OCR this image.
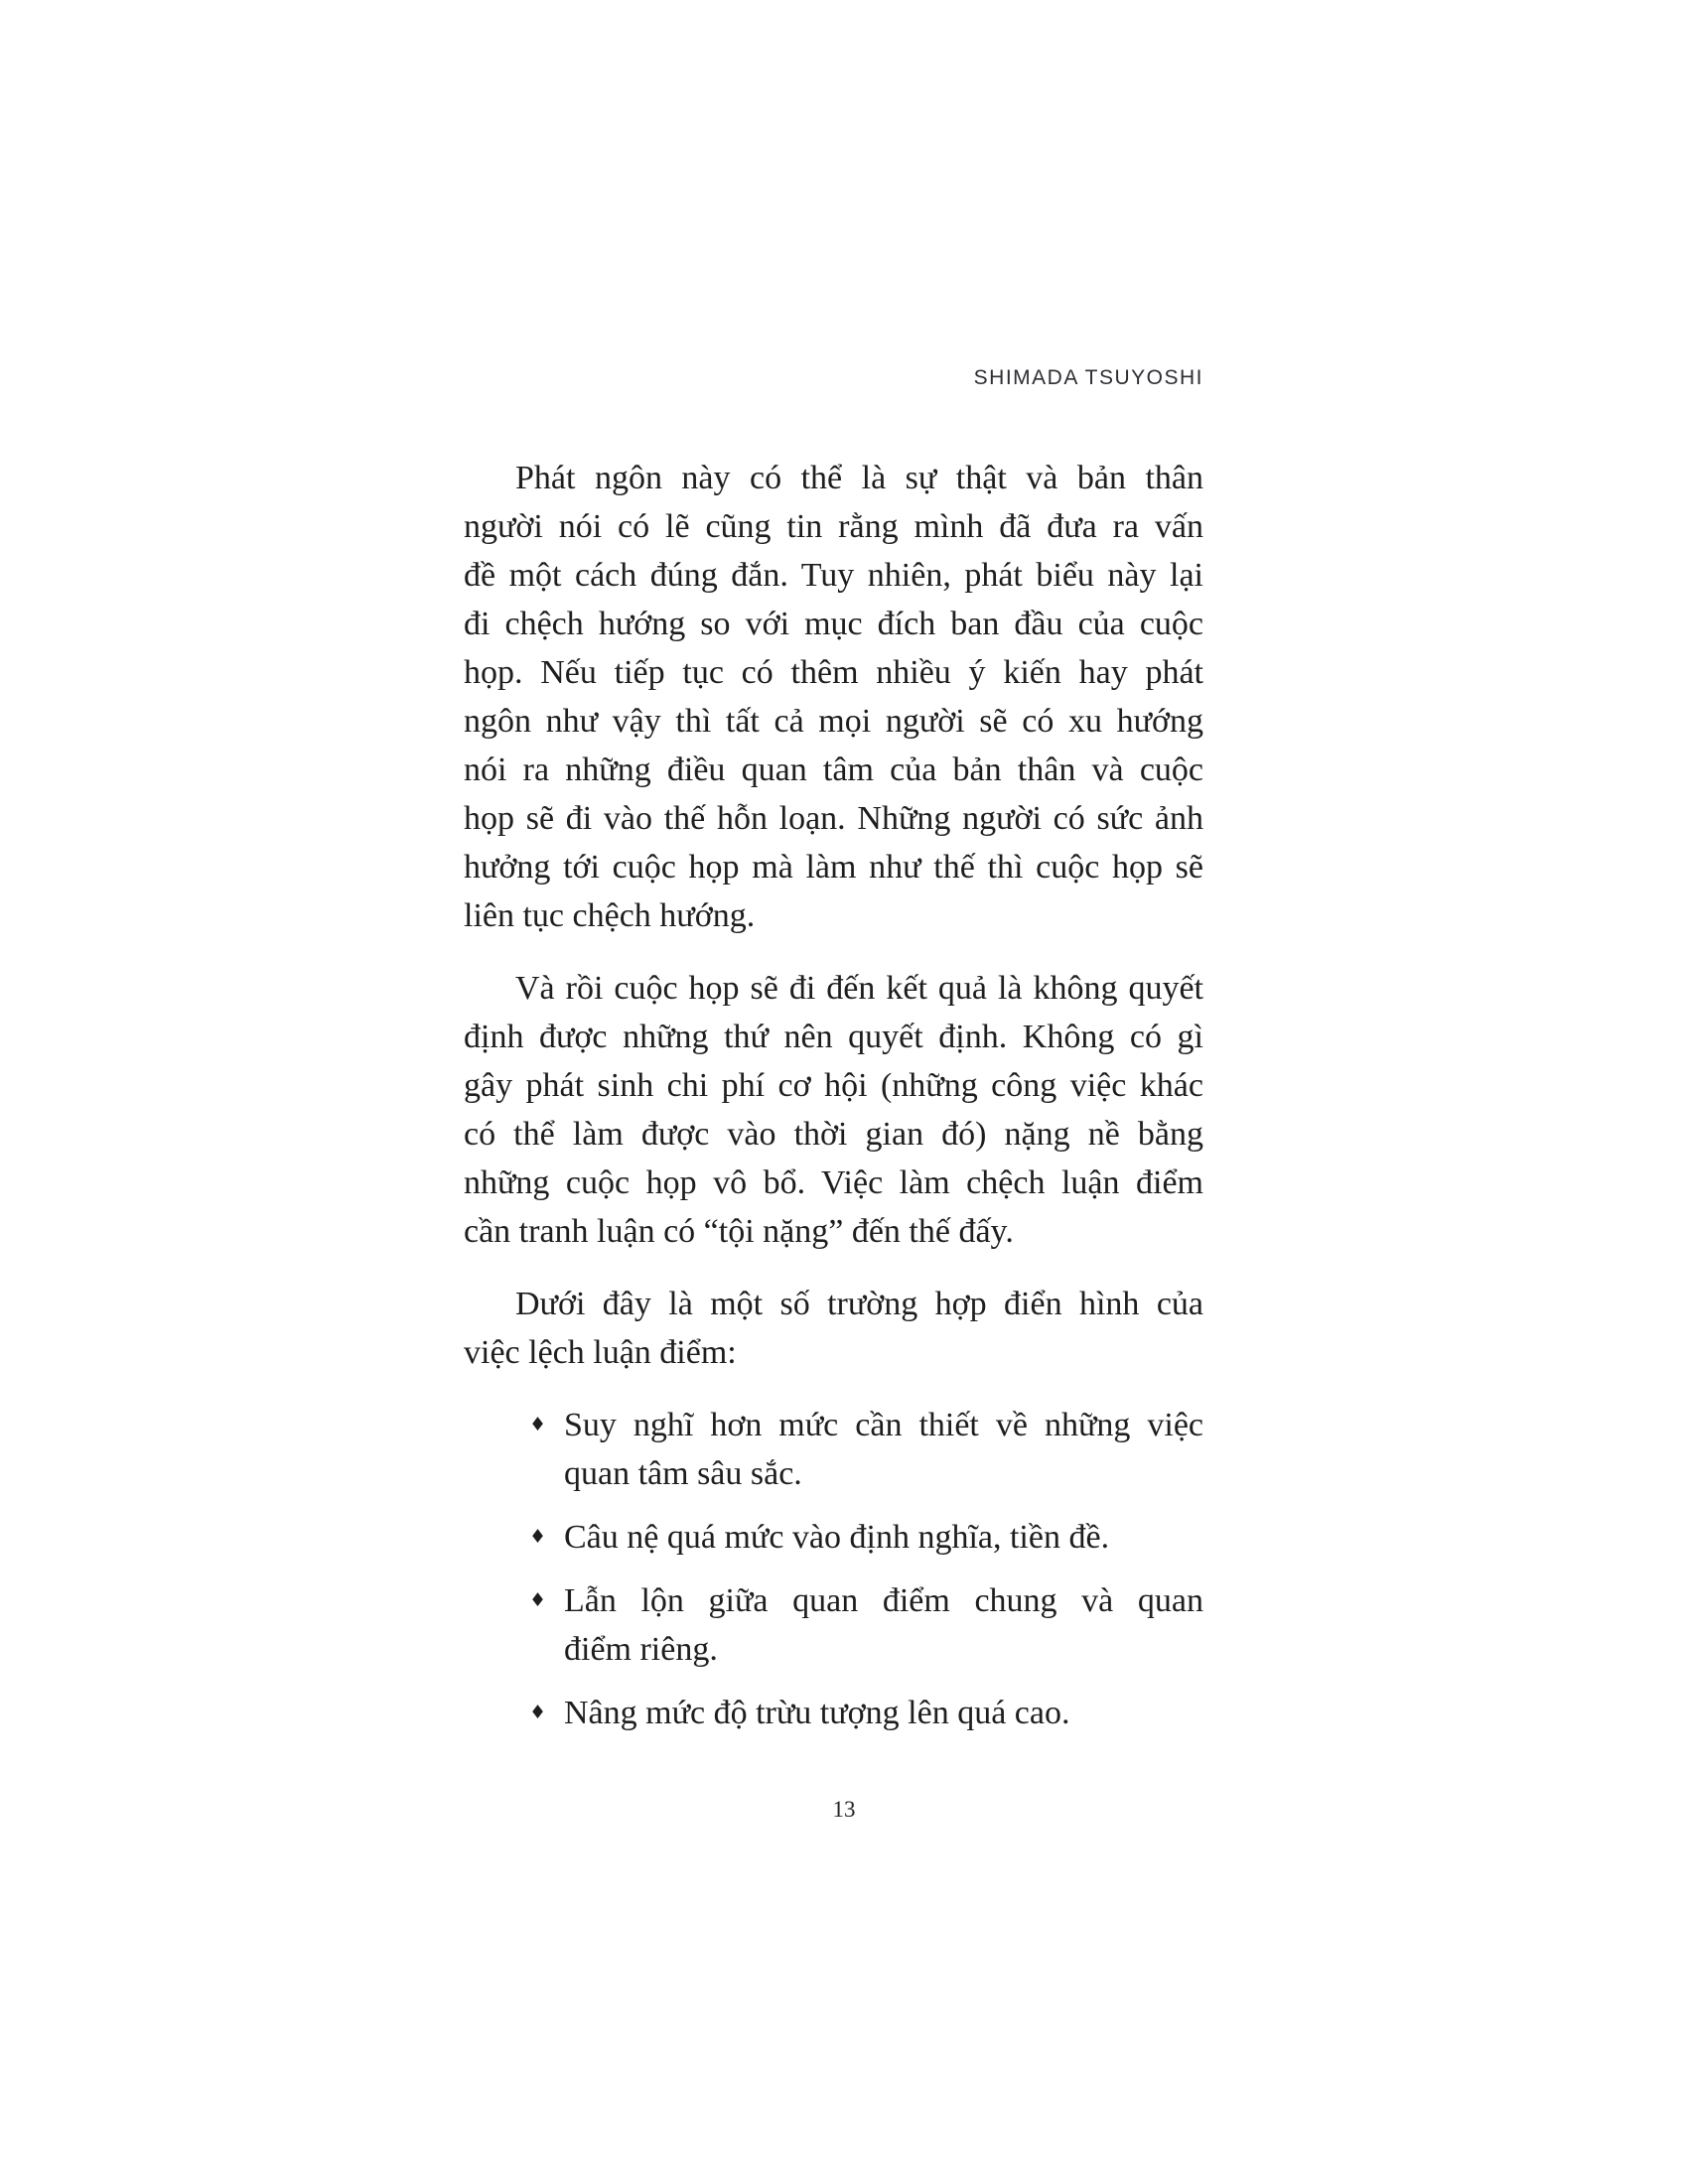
SHIMADA TSUYOSHI

Phát ngôn này có thể là sự thật và bản thân
người nói có lẽ cũng tin rằng mình đã đưa ra vấn
đề một cách đúng đắn. Tuy nhiên, phát biểu này lại
đi chệch hướng so với mục đích ban đầu của cuộc
họp. Nếu tiếp tục có thêm nhiều ý kiến hay phát
ngôn như vậy thì tất cả mọi người sẽ có xu hướng
nói ra những điều quan tâm của bản thân và cuộc
họp sẽ đi vào thế hỗn loạn. Những người có sức ảnh
hưởng tới cuộc họp mà làm như thế thì cuộc họp sẽ
liên tục chệch hướng.

Và rồi cuộc họp sẽ đi đến kết quả là không quyết
định được những thứ nên quyết định. Không có gì
gây phát sinh chi phí cơ hội (những công việc khác
có thể làm được vào thời gian đó) nặng nề bằng
những cuộc họp vô bổ. Việc làm chệch luận điểm
cần tranh luận có “tội nặng” đến thế đấy.

Dưới đây là một số trường hợp điển hình của
việc lệch luận điểm:

♦ Suy nghĩ hơn mức cần thiết về những việc
quan tâm sâu sắc.
♦ Câu nệ quá mức vào định nghĩa, tiền đề.
♦ Lẫn lộn giữa quan điểm chung và quan
điểm riêng.
♦ Nâng mức độ trừu tượng lên quá cao.
13
